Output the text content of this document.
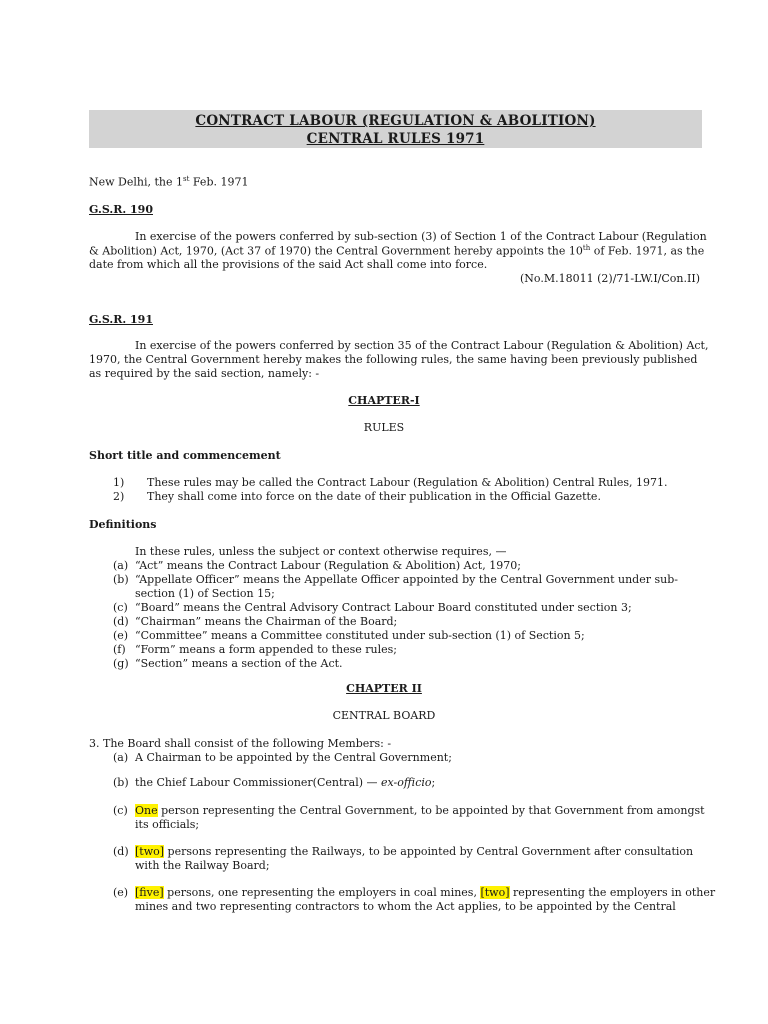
CONTRACT LABOUR (REGULATION & ABOLITION)
CENTRAL RULES 1971
New Delhi, the 1st Feb. 1971
G.S.R. 190
In exercise of the powers conferred by sub-section (3) of Section 1 of the Contract Labour (Regulation
& Abolition) Act, 1970, (Act 37 of 1970) the Central Government hereby appoints the 10th of Feb. 1971, as the
date from which all the provisions of the said Act shall come into force.
(No.M.18011 (2)/71-LW.I/Con.II)
G.S.R. 191
In exercise of the powers conferred by section 35 of the Contract Labour (Regulation & Abolition) Act,
1970, the Central Government hereby makes the following rules, the same having been previously published
as required by the said section, namely: -
CHAPTER-I
RULES
Short title and commencement
1) These rules may be called the Contract Labour (Regulation & Abolition) Central Rules, 1971.
2) They shall come into force on the date of their publication in the Official Gazette.
Definitions
In these rules, unless the subject or context otherwise requires, —
(a) “Act” means the Contract Labour (Regulation & Abolition) Act, 1970;
(b) “Appellate Officer” means the Appellate Officer appointed by the Central Government under sub-
section (1) of Section 15;
(c) “Board” means the Central Advisory Contract Labour Board constituted under section 3;
(d) “Chairman” means the Chairman of the Board;
(e) “Committee” means a Committee constituted under sub-section (1) of Section 5;
(f) “Form” means a form appended to these rules;
(g) “Section” means a section of the Act.
CHAPTER II
CENTRAL BOARD
3. The Board shall consist of the following Members: -
(a) A Chairman to be appointed by the Central Government;
(b) the Chief Labour Commissioner(Central) — ex-officio;
(c) One person representing the Central Government, to be appointed by that Government from amongst
its officials;
(d) [two] persons representing the Railways, to be appointed by Central Government after consultation
with the Railway Board;
(e) [five] persons, one representing the employers in coal mines, [two] representing the employers in other
mines and two representing contractors to whom the Act applies, to be appointed by the Central
